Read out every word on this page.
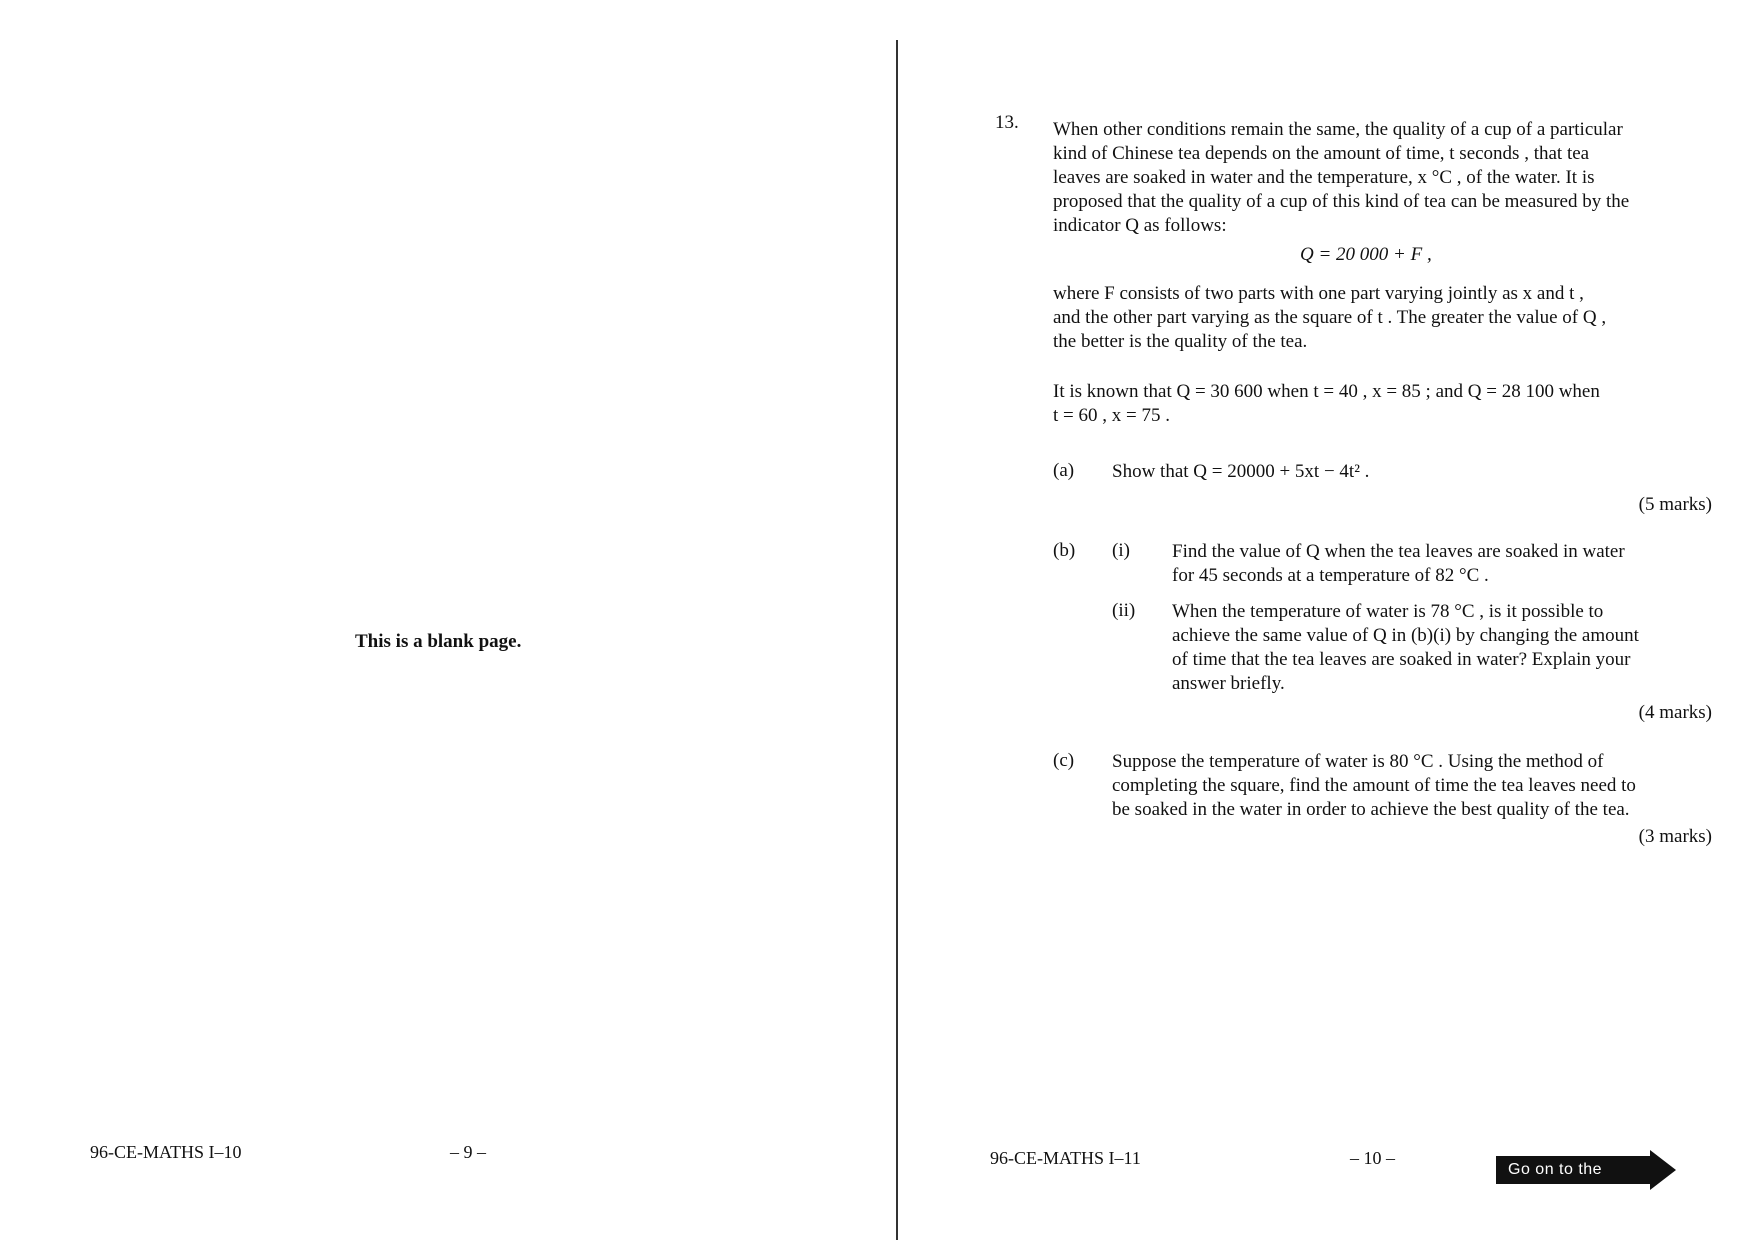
This is a blank page.
96-CE-MATHS I–10	– 9 –
13. When other conditions remain the same, the quality of a cup of a particular
kind of Chinese tea depends on the amount of time, t seconds , that tea
leaves are soaked in water and the temperature, x °C , of the water. It is
proposed that the quality of a cup of this kind of tea can be measured by the
indicator Q as follows:
Q = 20 000 + F ,
where F consists of two parts with one part varying jointly as x and t ,
and the other part varying as the square of t . The greater the value of Q ,
the better is the quality of the tea.
It is known that Q = 30 600 when t = 40 , x = 85 ; and Q = 28 100 when
t = 60 , x = 75 .
(a) Show that Q = 20000 + 5xt − 4t² .
(5 marks)
(b) (i) Find the value of Q when the tea leaves are soaked in water
for 45 seconds at a temperature of 82 °C .
(ii) When the temperature of water is 78 °C , is it possible to
achieve the same value of Q in (b)(i) by changing the amount
of time that the tea leaves are soaked in water? Explain your
answer briefly.
(4 marks)
(c) Suppose the temperature of water is 80 °C . Using the method of
completing the square, find the amount of time the tea leaves need to
be soaked in the water in order to achieve the best quality of the tea.
(3 marks)
96-CE-MATHS I–11	– 10 –
Go on to the next page
